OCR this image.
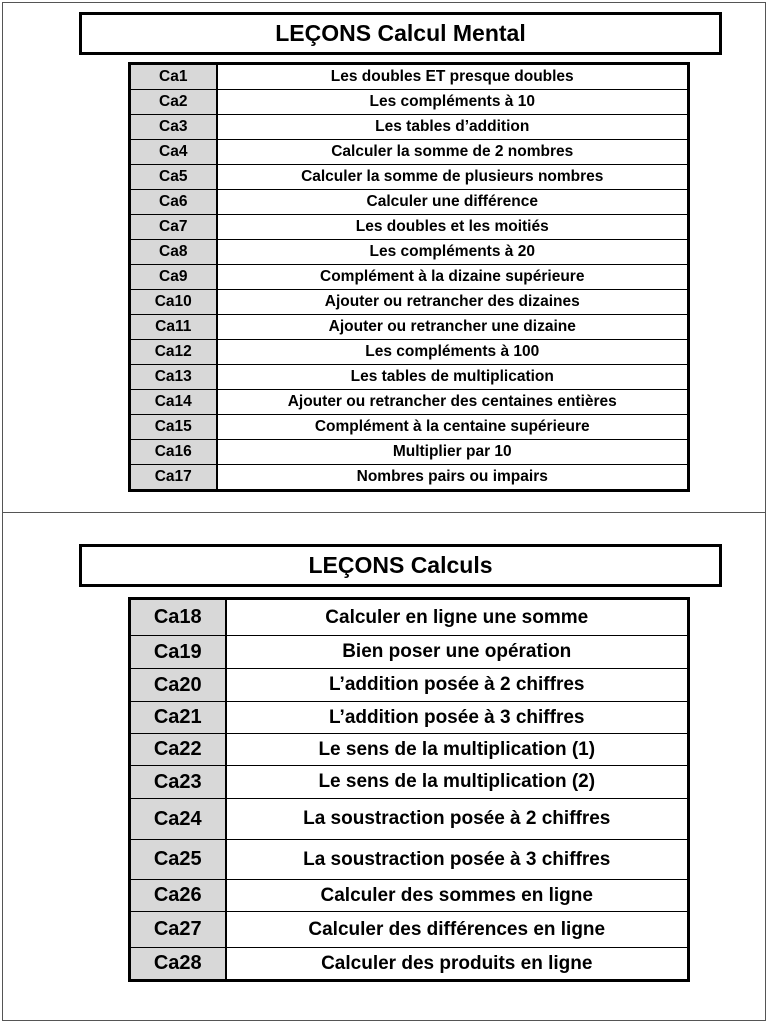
LEÇONS Calcul Mental
Ca1	Les doubles ET presque doubles
Ca2	Les compléments à 10
Ca3	Les tables d’addition
Ca4	Calculer la somme de 2 nombres
Ca5	Calculer la somme de plusieurs nombres
Ca6	Calculer une différence
Ca7	Les doubles et les moitiés
Ca8	Les compléments à 20
Ca9	Complément à la dizaine supérieure
Ca10	Ajouter ou retrancher des dizaines
Ca11	Ajouter ou retrancher une dizaine
Ca12	Les compléments à 100
Ca13	Les tables de multiplication
Ca14	Ajouter ou retrancher des centaines entières
Ca15	Complément à la centaine supérieure
Ca16	Multiplier par 10
Ca17	Nombres pairs ou impairs
LEÇONS Calculs
Ca18	Calculer en ligne une somme
Ca19	Bien poser une opération
Ca20	L’addition posée à 2 chiffres
Ca21	L’addition posée à 3 chiffres
Ca22	Le sens de la multiplication (1)
Ca23	Le sens de la multiplication (2)
Ca24	La soustraction posée à 2 chiffres
Ca25	La soustraction posée à 3 chiffres
Ca26	Calculer des sommes en ligne
Ca27	Calculer des différences en ligne
Ca28	Calculer des produits en ligne
